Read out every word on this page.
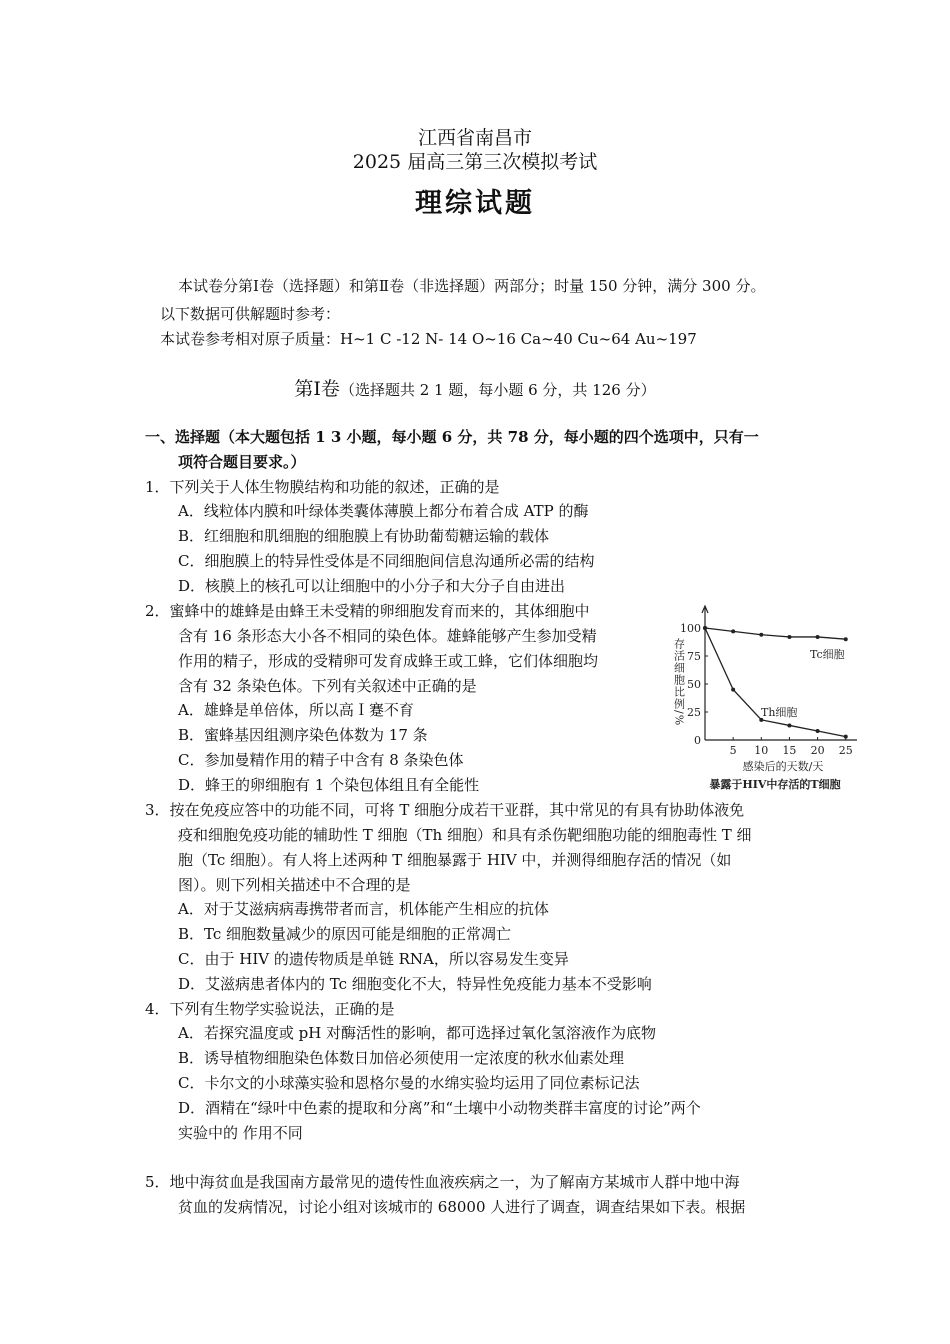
江西省南昌市
2025 届高三第三次模拟考试
理综试题
本试卷分第Ⅰ卷（选择题）和第Ⅱ卷（非选择题）两部分；时量 150 分钟，满分 300 分。
以下数据可供解题时参考：
本试卷参考相对原子质量：H~1 C -12 N- 14 O~16 Ca~40 Cu~64 Au~197
第Ⅰ卷（选择题共 2 1 题，每小题 6 分，共 126 分）
一、选择题（本大题包括 1 3 小题，每小题 6 分，共 78 分，每小题的四个选项中，只有一
项符合题目要求。）
1．下列关于人体生物膜结构和功能的叙述，正确的是
A．线粒体内膜和叶绿体类囊体薄膜上都分布着合成 ATP 的酶
B．红细胞和肌细胞的细胞膜上有协助葡萄糖运输的载体
C．细胞膜上的特异性受体是不同细胞间信息沟通所必需的结构
D．核膜上的核孔可以让细胞中的小分子和大分子自由进出
2．蜜蜂中的雄蜂是由蜂王未受精的卵细胞发育而来的，其体细胞中
含有 16 条形态大小各不相同的染色体。雄蜂能够产生参加受精
作用的精子，形成的受精卵可发育成蜂王或工蜂，它们体细胞均
含有 32 条染色体。下列有关叙述中正确的是
A．雄蜂是单倍体，所以高Ｉ蹇不育
B．蜜蜂基因组测序染色体数为 17 条
C．参加曼精作用的精子中含有 8 条染色体
D．蜂王的卵细胞有 1 个染包体组且有全能性
0
25
50
75
100
5 10 15 20 25
Tc细胞
Th细胞
存活细胞比例/%
感染后的天数/天
暴露于HIV中存活的T细胞
3．按在免疫应答中的功能不同，可将 T 细胞分成若干亚群，其中常见的有具有协助体液免
疫和细胞免疫功能的辅助性 T 细胞（Th 细胞）和具有杀伤靶细胞功能的细胞毒性 T 细
胞（Tc 细胞）。有人将上述两种 T 细胞暴露于 HIV 中，并测得细胞存活的情况（如
图）。则下列相关描述中不合理的是
A．对于艾滋病病毒携带者而言，机体能产生相应的抗体
B．Tc 细胞数量减少的原因可能是细胞的正常凋亡
C．由于 HIV 的遗传物质是单链 RNA，所以容易发生变异
D．艾滋病患者体内的 Tc 细胞变化不大，特异性免疫能力基本不受影响
4．下列有生物学实验说法，正确的是
A．若探究温度或 pH 对酶活性的影响，都可选择过氧化氢溶液作为底物
B．诱导植物细胞染色体数日加倍必须使用一定浓度的秋水仙素处理
C．卡尔文的小球藻实验和恩格尔曼的水绵实验均运用了同位素标记法
D．酒精在“绿叶中色素的提取和分离”和“土壤中小动物类群丰富度的讨论”两个
实验中的 作用不同
5．地中海贫血是我国南方最常见的遗传性血液疾病之一，为了解南方某城市人群中地中海
贫血的发病情况，讨论小组对该城市的 68000 人进行了调查，调查结果如下表。根据
